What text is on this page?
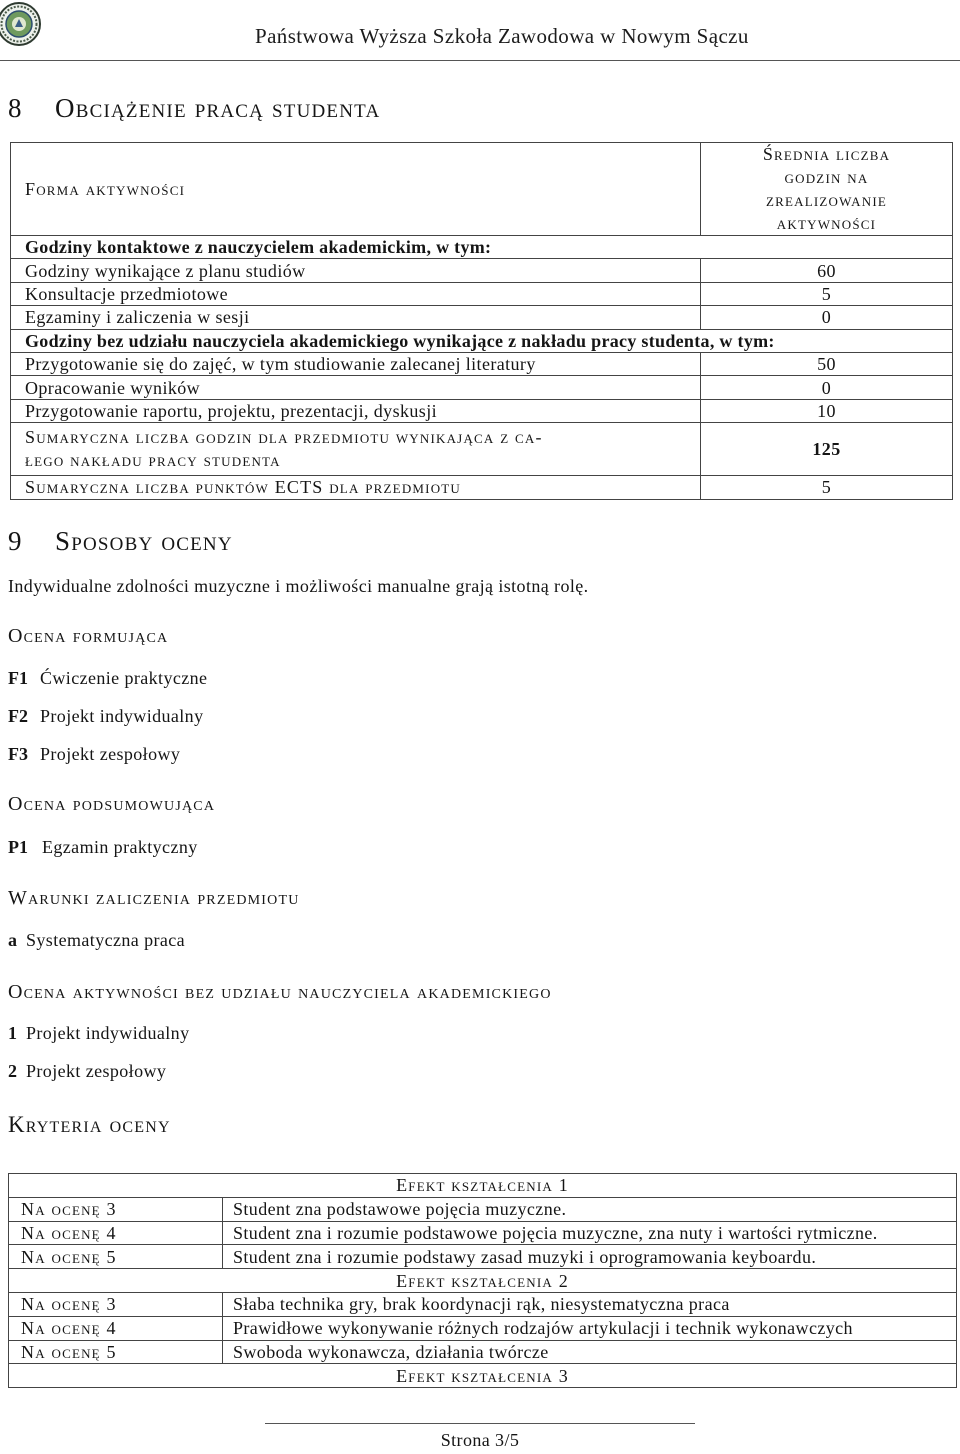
Państwowa Wyższa Szkoła Zawodowa w Nowym Sączu
8 Obciążenie pracą studenta
Forma aktywności	Średnia liczba
godzin na
zrealizowanie
aktywności

Godziny kontaktowe z nauczycielem akademickim, w tym:	
Godziny wynikające z planu studiów	60
Konsultacje przedmiotowe	5
Egzaminy i zaliczenia w sesji	0
Godziny bez udziału nauczyciela akademickiego wynikające z nakładu pracy studenta, w tym:	
Przygotowanie się do zajęć, w tym studiowanie zalecanej literatury	50
Opracowanie wyników	0
Przygotowanie raportu, projektu, prezentacji, dyskusji	10

Sumaryczna liczba godzin dla przedmiotu wynikająca z ca-
łego nakładu pracy studenta	125
Sumaryczna liczba punktów ECTS dla przedmiotu	5
9 Sposoby oceny
Indywidualne zdolności muzyczne i możliwości manualne grają istotną rolę.
Ocena formująca
F1 Ćwiczenie praktyczne
F2 Projekt indywidualny
F3 Projekt zespołowy
Ocena podsumowująca
P1 Egzamin praktyczny
Warunki zaliczenia przedmiotu
a Systematyczna praca
Ocena aktywności bez udziału nauczyciela akademickiego
1 Projekt indywidualny
2 Projekt zespołowy
Kryteria oceny
Efekt kształcenia 1	
Na ocenę 3	Student zna podstawowe pojęcia muzyczne.
Na ocenę 4	Student zna i rozumie podstawowe pojęcia muzyczne, zna nuty i wartości rytmiczne.
Na ocenę 5	Student zna i rozumie podstawy zasad muzyki i oprogramowania keyboardu.
Efekt kształcenia 2	
Na ocenę 3	Słaba technika gry, brak koordynacji rąk, niesystematyczna praca
Na ocenę 4	Prawidłowe wykonywanie różnych rodzajów artykulacji i technik wykonawczych
Na ocenę 5	Swoboda wykonawcza, działania twórcze
Efekt kształcenia 3	
Strona 3/5
